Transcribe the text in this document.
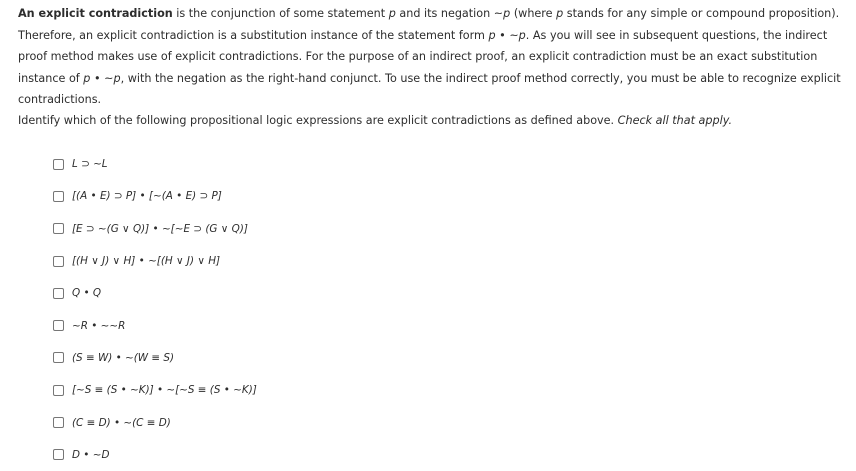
An explicit contradiction is the conjunction of some statement p and its negation ~p (where p stands for any simple or compound proposition). Therefore, an explicit contradiction is a substitution instance of the statement form p • ~p. As you will see in subsequent questions, the indirect proof method makes use of explicit contradictions. For the purpose of an indirect proof, an explicit contradiction must be an exact substitution instance of p • ~p, with the negation as the right-hand conjunct. To use the indirect proof method correctly, you must be able to recognize explicit contradictions.

Identify which of the following propositional logic expressions are explicit contradictions as defined above. Check all that apply.

L ⊃ ~L
[(A • E) ⊃ P] • [~(A • E) ⊃ P]
[E ⊃ ~(G ∨ Q)] • ~[~E ⊃ (G ∨ Q)]
[(H ∨ J) ∨ H] • ~[(H ∨ J) ∨ H]
Q • Q
~R • ~~R
(S ≡ W) • ~(W ≡ S)
[~S ≡ (S • ~K)] • ~[~S ≡ (S • ~K)]
(C ≡ D) • ~(C ≡ D)
D • ~D
